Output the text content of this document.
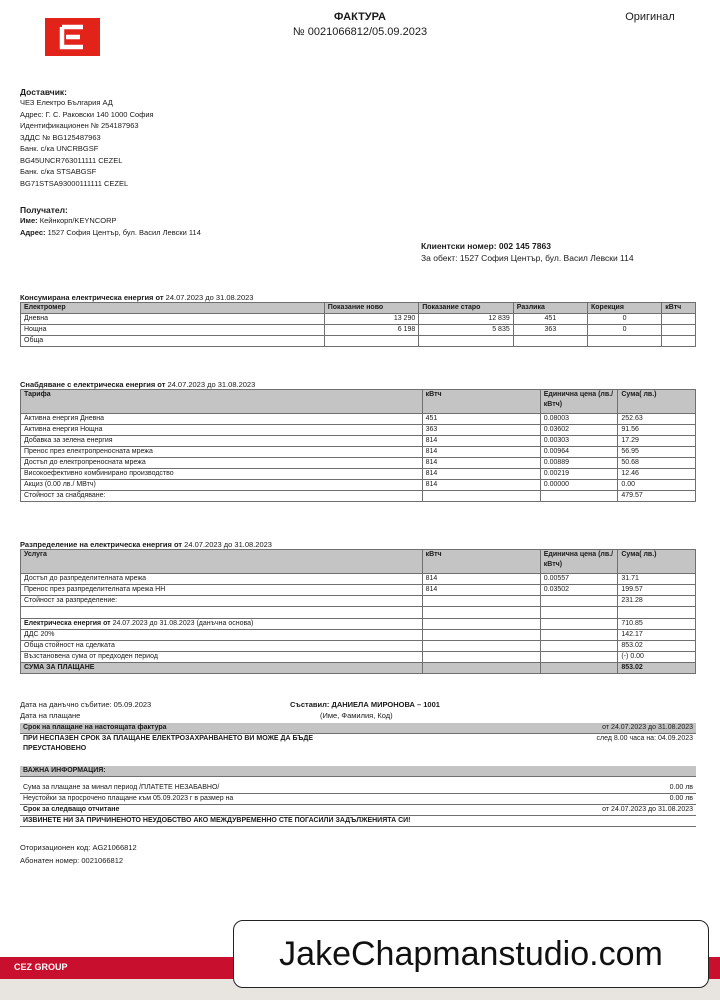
ФАКТУРА
№ 0021066812/05.09.2023
Оригинал
Доставчик:
ЧЕЗ Електро България АД
Адрес: Г. С. Раковски 140 1000 София
Идентификационен № 254187963
ЗДДС № BG125487963
Банк. с/ка UNCRBGSF
BG45UNCR763011111 CEZEL
Банк. с/ка STSABGSF
BG71STSA93000111111 CEZEL
Получател:
Име: Кейнкорп/KEYNCORP
Адрес: 1527 София Център, бул. Васил Левски 114
Клиентски номер: 002 145 7863
За обект: 1527 София Център, бул. Васил Левски 114
Консумирана електрическа енергия от 24.07.2023 до 31.08.2023
Електромер	Показание ново	Показание старо	Разлика	Корекция	кВтч
Дневна	13 290	12 839	451	0	
Нощна	6 198	5 835	363	0	
Обща					
Снабдяване с електрическа енергия от 24.07.2023 до 31.08.2023
Тарифа	кВтч	Единична цена (лв./ кВтч)	Сума( лв.)
Активна енергия Дневна	451	0.08003	252.63
Активна енергия Нощна	363	0.03602	91.56
Добавка за зелена енергия	814	0.00303	17.29
Пренос през електропреносната мрежа	814	0.00964	56.95
Достъп до електропреносната мрежа	814	0.00889	50.68
Високоефективно комбинирано производство	814	0.00219	12.46
Акциз (0.00 лв./ MВтч)	814	0.00000	0.00
Стойност за снабдяване:			479.57
Разпределение на електрическа енергия от 24.07.2023 до 31.08.2023
Услуга	кВтч	Единична цена (лв./ кВтч)	Сума( лв.)
Достъп до разпределителната мрежа	814	0.00557	31.71
Пренос през разпределителната мрежа НН	814	0.03502	199.57
Стойност за разпределение:			231.28

Електрическа енергия от 24.07.2023 до 31.08.2023 (данъчна основа)			710.85
ДДС 20%			142.17
Обща стойност на сделката			853.02
Възстановена сума от предходен период			(-) 0.00
СУМА ЗА ПЛАЩАНЕ			853.02
Дата на данъчно събитие: 05.09.2023	Съставил: ДАНИЕЛА МИРОНОВА – 1001
Дата на плащане	(Име, Фамилия, Код)
Срок на плащане на настоящата фактура	от 24.07.2023 до 31.08.2023
ПРИ НЕСПАЗЕН СРОК ЗА ПЛАЩАНЕ ЕЛЕКТРОЗАХРАНВАНЕТО ВИ МОЖЕ ДА БЪДЕ ПРЕУСТАНОВЕНО
след 8.00 часа на: 04.09.2023
ВАЖНА ИНФОРМАЦИЯ:
Сума за плащане за минал период /ПЛАТЕТЕ НЕЗАБАВНО/	0.00 лв
Неустойки за просрочено плащане към 05.09.2023 г в размер на	0.00 лв
Срок за следващо отчитане	от 24.07.2023 до 31.08.2023
ИЗВИНЕТЕ НИ ЗА ПРИЧИНЕНОТО НЕУДОБСТВО АКО МЕЖДУВРЕМЕННО СТЕ ПОГАСИЛИ ЗАДЪЛЖЕНИЯТА СИ!
Оторизационен код: AG21066812
Абонатен номер: 0021066812
CEZ GROUP	JakeChapmanstudio.com
